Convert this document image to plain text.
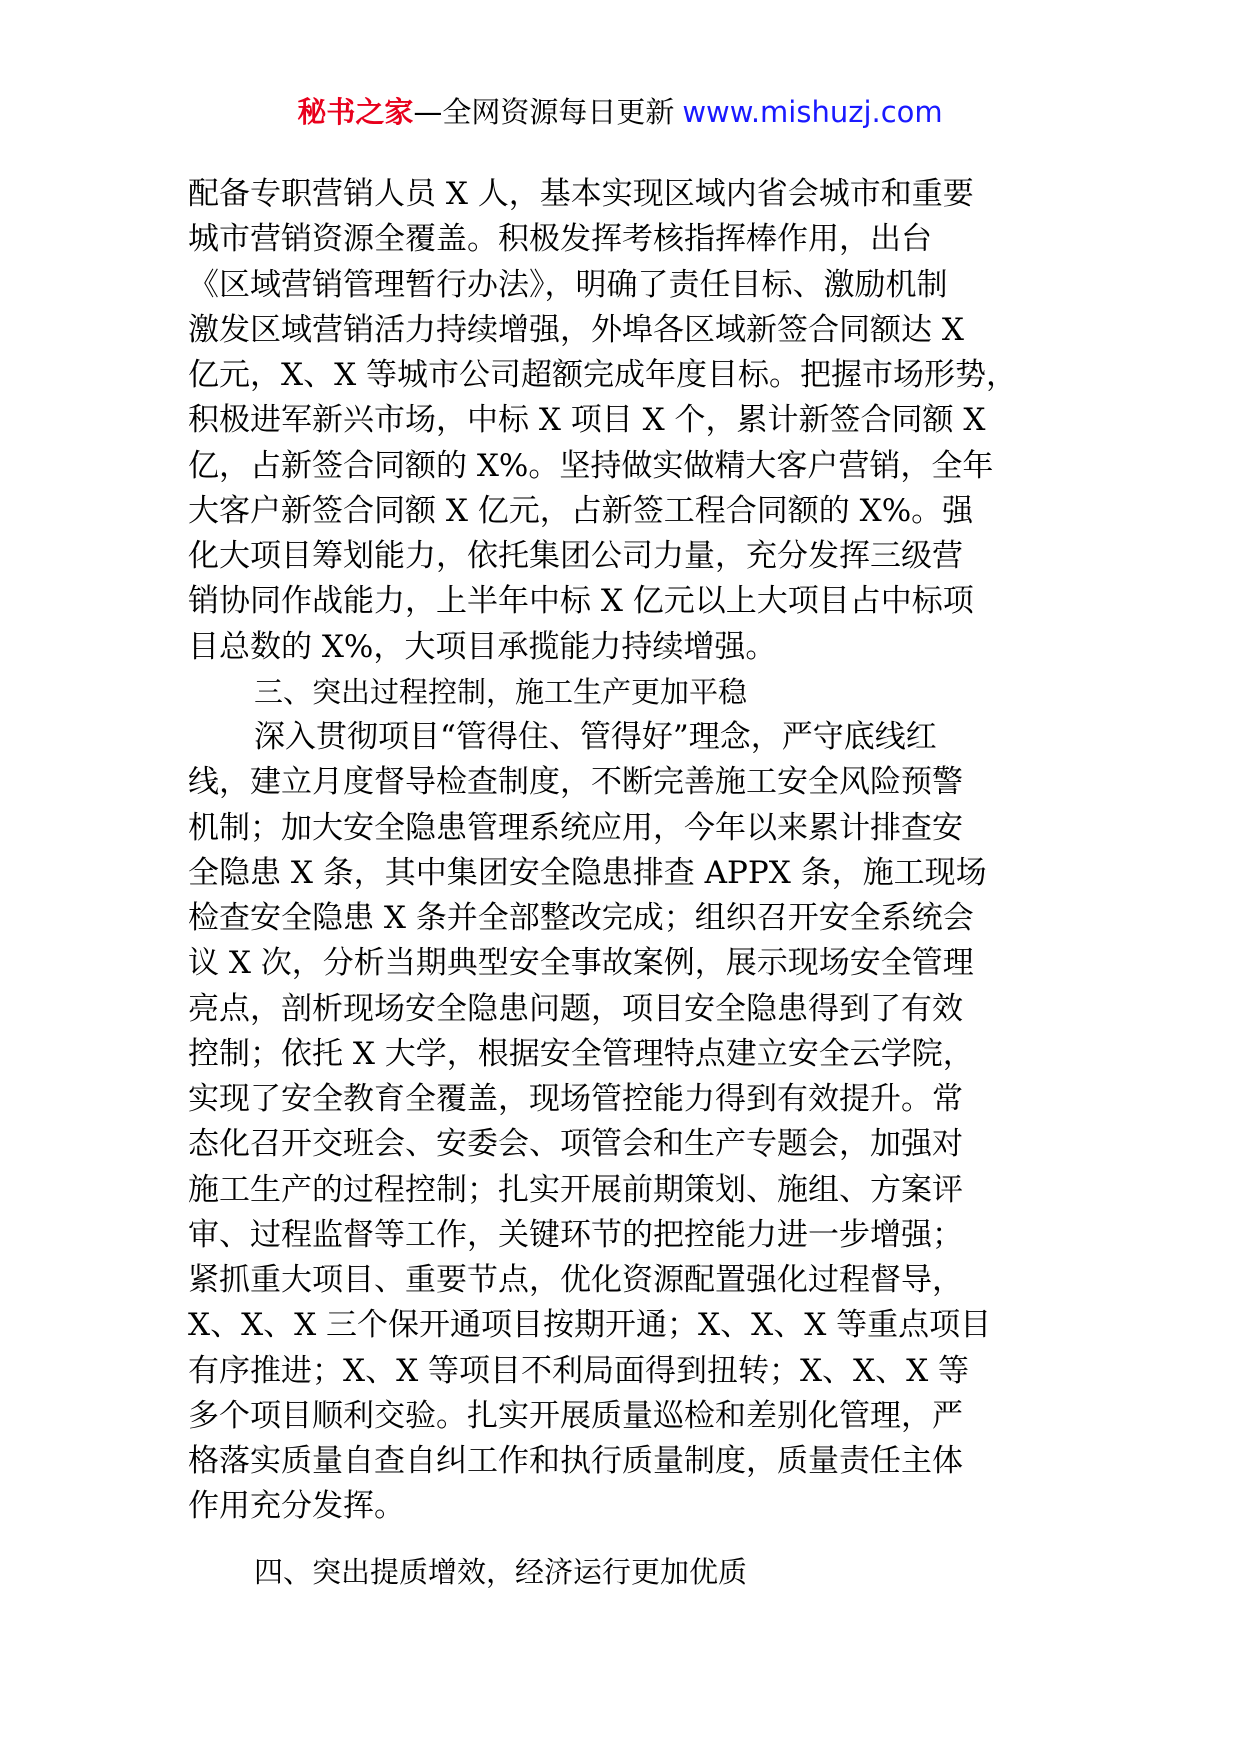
秘书之家—全网资源每日更新 www.mishuzj.com
配备专职营销人员 X 人，基本实现区域内省会城市和重要
城市营销资源全覆盖。积极发挥考核指挥棒作用，出台
《区域营销管理暂行办法》，明确了责任目标、激励机制
激发区域营销活力持续增强，外埠各区域新签合同额达 X
亿元，X、X 等城市公司超额完成年度目标。把握市场形势，
积极进军新兴市场，中标 X 项目 X 个，累计新签合同额 X
亿，占新签合同额的 X%。坚持做实做精大客户营销，全年
大客户新签合同额 X 亿元，占新签工程合同额的 X%。强
化大项目筹划能力，依托集团公司力量，充分发挥三级营
销协同作战能力，上半年中标 X 亿元以上大项目占中标项
目总数的 X%，大项目承揽能力持续增强。
三、突出过程控制，施工生产更加平稳
深入贯彻项目“管得住、管得好”理念，严守底线红
线，建立月度督导检查制度，不断完善施工安全风险预警
机制；加大安全隐患管理系统应用，今年以来累计排查安
全隐患 X 条，其中集团安全隐患排查 APPX 条，施工现场
检查安全隐患 X 条并全部整改完成；组织召开安全系统会
议 X 次，分析当期典型安全事故案例，展示现场安全管理
亮点，剖析现场安全隐患问题，项目安全隐患得到了有效
控制；依托 X 大学，根据安全管理特点建立安全云学院，
实现了安全教育全覆盖，现场管控能力得到有效提升。常
态化召开交班会、安委会、项管会和生产专题会，加强对
施工生产的过程控制；扎实开展前期策划、施组、方案评
审、过程监督等工作，关键环节的把控能力进一步增强；
紧抓重大项目、重要节点，优化资源配置强化过程督导，
X、X、X 三个保开通项目按期开通；X、X、X 等重点项目
有序推进；X、X 等项目不利局面得到扭转；X、X、X 等
多个项目顺利交验。扎实开展质量巡检和差别化管理，严
格落实质量自查自纠工作和执行质量制度，质量责任主体
作用充分发挥。
四、突出提质增效，经济运行更加优质
